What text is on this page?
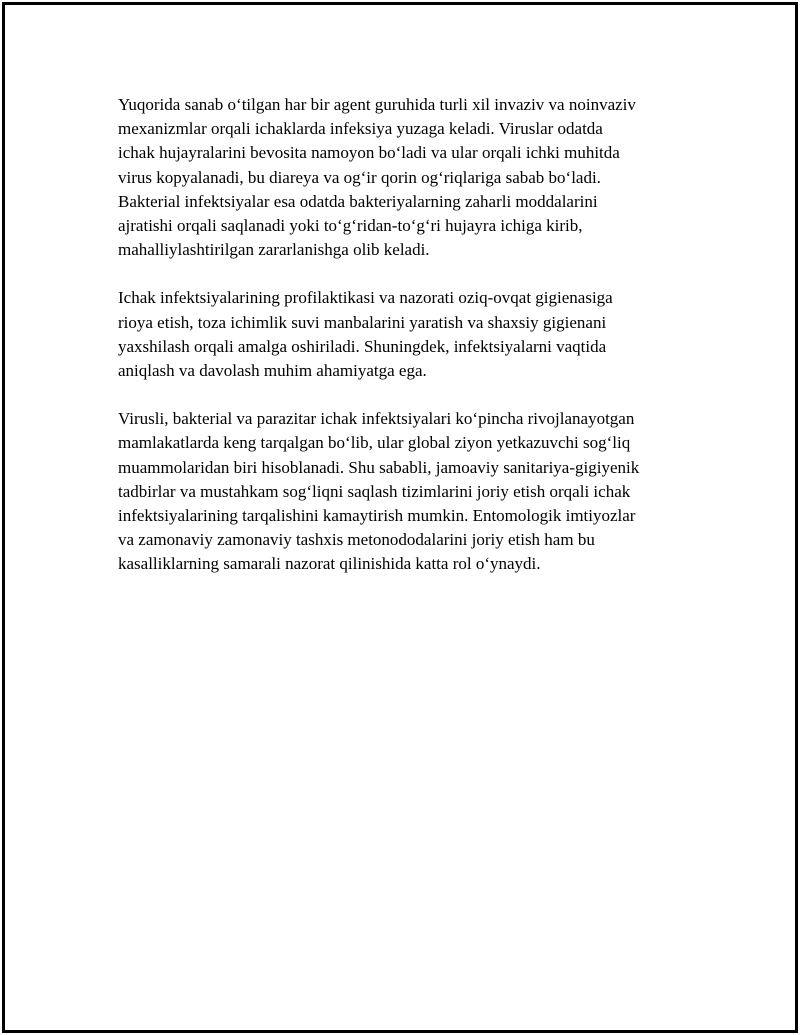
Yuqorida sanab o‘tilgan har bir agent guruhida turli xil invaziv va noinvaziv
mexanizmlar orqali ichaklarda infeksiya yuzaga keladi. Viruslar odatda
ichak hujayralarini bevosita namoyon bo‘ladi va ular orqali ichki muhitda
virus kopyalanadi, bu diareya va og‘ir qorin og‘riqlariga sabab bo‘ladi.
Bakterial infektsiyalar esa odatda bakteriyalarning zaharli moddalarini
ajratishi orqali saqlanadi yoki to‘g‘ridan-to‘g‘ri hujayra ichiga kirib,
mahalliylashtirilgan zararlanishga olib keladi.

Ichak infektsiyalarining profilaktikasi va nazorati oziq-ovqat gigienasiga
rioya etish, toza ichimlik suvi manbalarini yaratish va shaxsiy gigienani
yaxshilash orqali amalga oshiriladi. Shuningdek, infektsiyalarni vaqtida
aniqlash va davolash muhim ahamiyatga ega.

Virusli, bakterial va parazitar ichak infektsiyalari ko‘pincha rivojlanayotgan
mamlakatlarda keng tarqalgan bo‘lib, ular global ziyon yetkazuvchi sog‘liq
muammolaridan biri hisoblanadi. Shu sababli, jamoaviy sanitariya-gigiyenik
tadbirlar va mustahkam sog‘liqni saqlash tizimlarini joriy etish orqali ichak
infektsiyalarining tarqalishini kamaytirish mumkin. Entomologik imtiyozlar
va zamonaviy zamonaviy tashxis metonododalarini joriy etish ham bu
kasalliklarning samarali nazorat qilinishida katta rol o‘ynaydi.
